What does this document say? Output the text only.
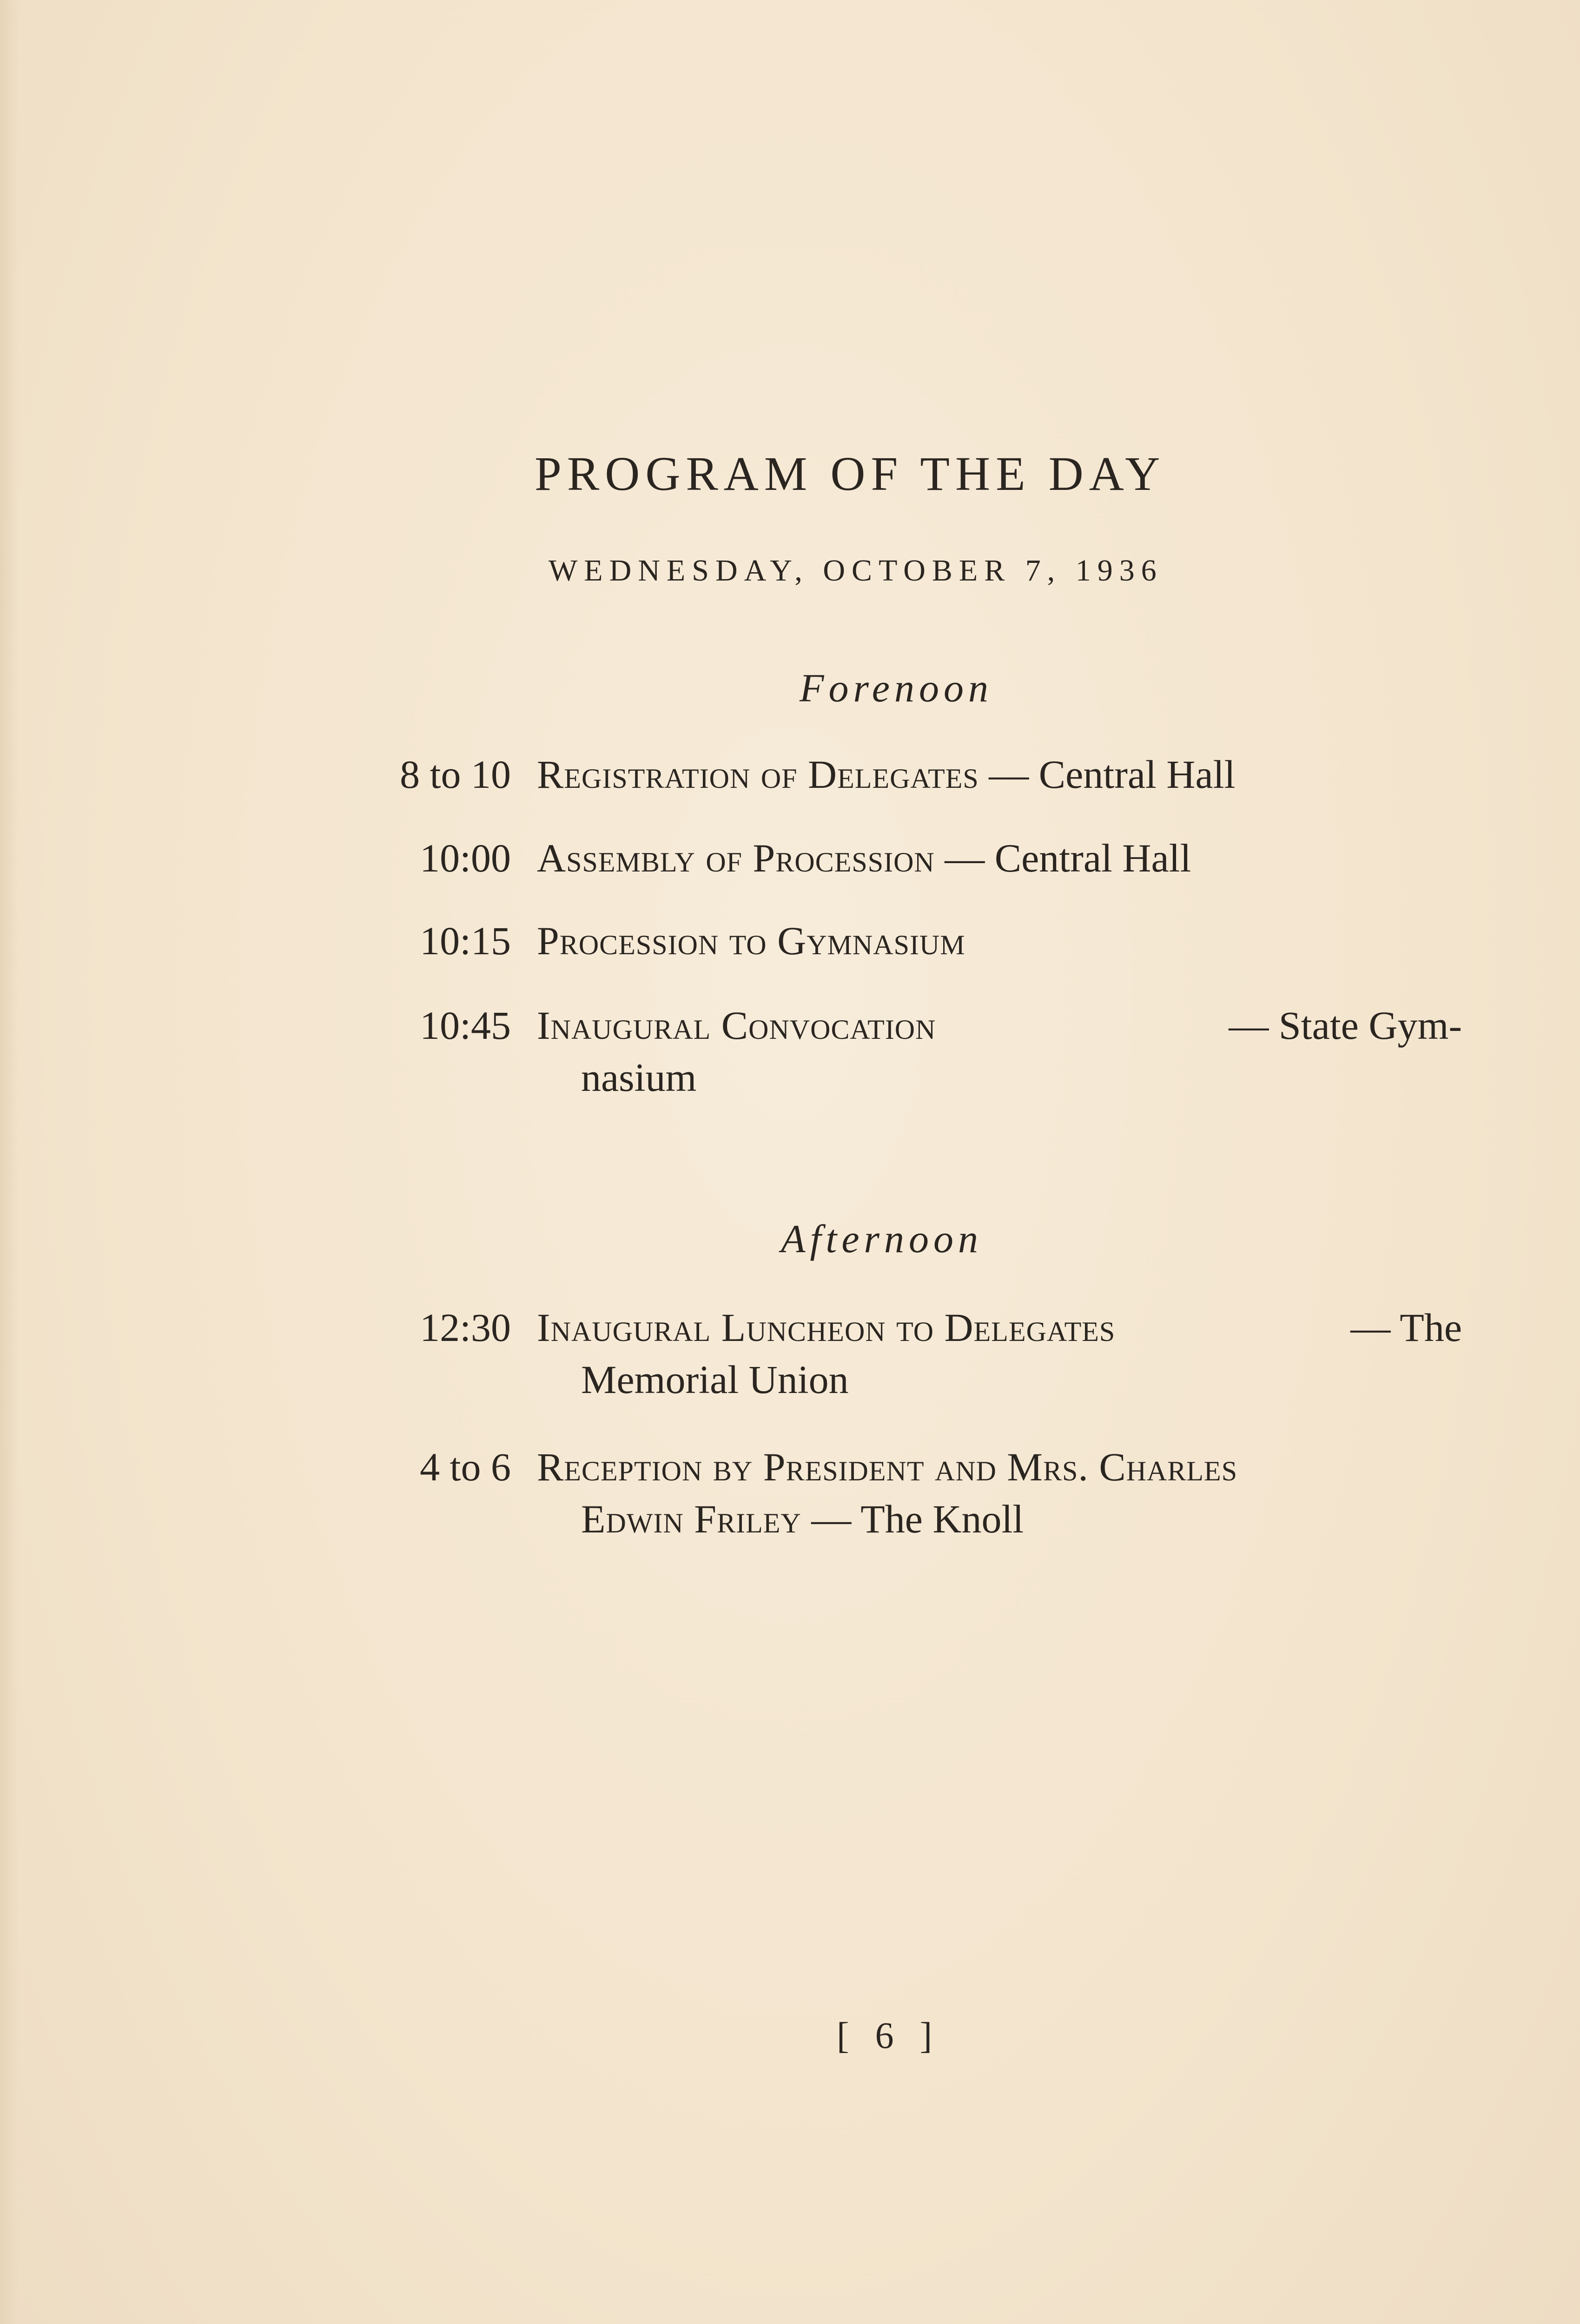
PROGRAM OF THE DAY
WEDNESDAY, OCTOBER 7, 1936
Forenoon
8 to 10 Registration of Delegates — Central Hall
10:00 Assembly of Procession — Central Hall
10:15 Procession to Gymnasium
10:45 Inaugural Convocation	— State Gym-
nasium
Afternoon
12:30 Inaugural Luncheon to Delegates	— The
Memorial Union
4 to 6 Reception by President and Mrs. Charles
Edwin Friley — The Knoll
[ 6 ]
